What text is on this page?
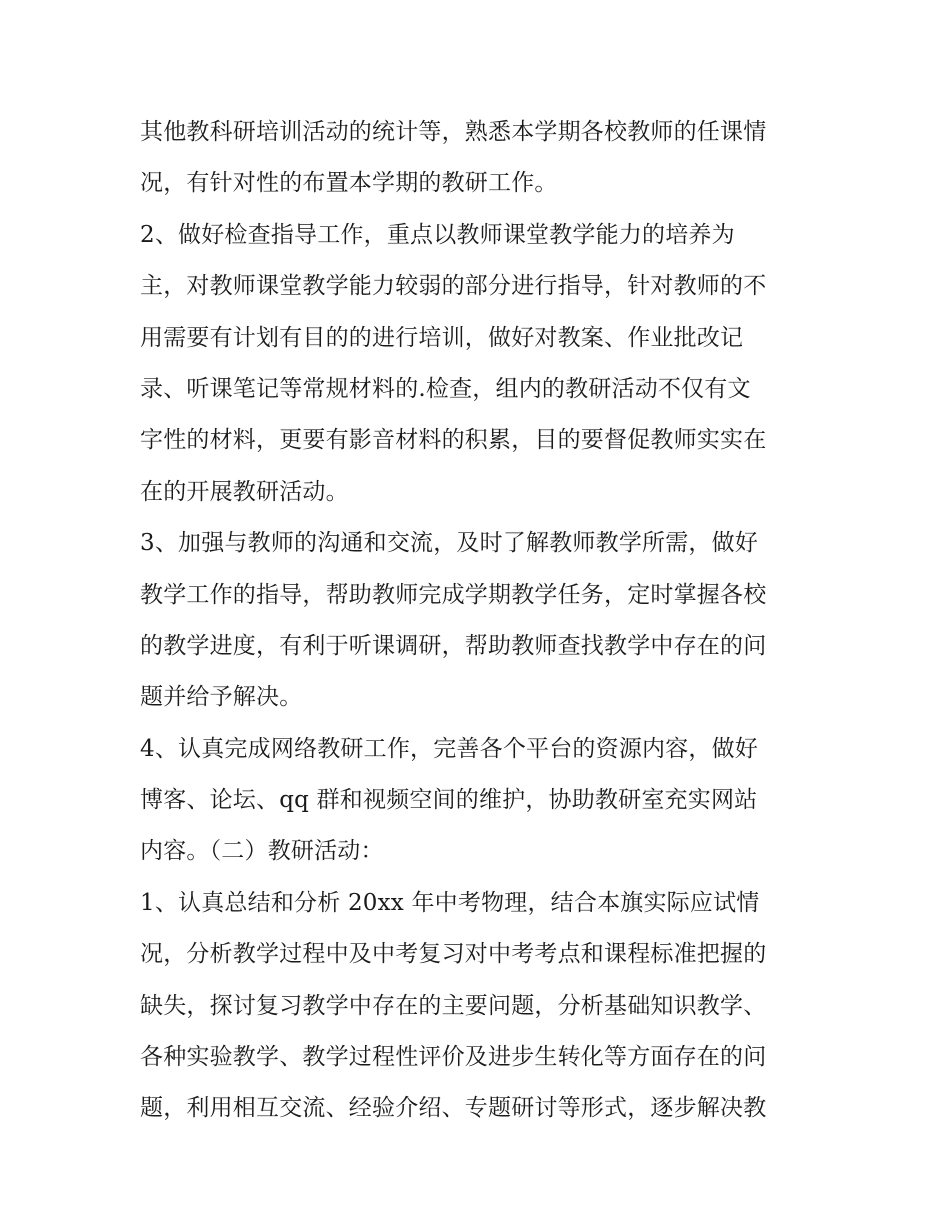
其他教科研培训活动的统计等，熟悉本学期各校教师的任课情
况，有针对性的布置本学期的教研工作。
2、做好检查指导工作，重点以教师课堂教学能力的培养为
主，对教师课堂教学能力较弱的部分进行指导，针对教师的不
用需要有计划有目的的进行培训，做好对教案、作业批改记
录、听课笔记等常规材料的.检查，组内的教研活动不仅有文
字性的材料，更要有影音材料的积累，目的要督促教师实实在
在的开展教研活动。
3、加强与教师的沟通和交流，及时了解教师教学所需，做好
教学工作的指导，帮助教师完成学期教学任务，定时掌握各校
的教学进度，有利于听课调研，帮助教师查找教学中存在的问
题并给予解决。
4、认真完成网络教研工作，完善各个平台的资源内容，做好
博客、论坛、qq 群和视频空间的维护，协助教研室充实网站
内容。（二）教研活动：
1、认真总结和分析 20xx 年中考物理，结合本旗实际应试情
况，分析教学过程中及中考复习对中考考点和课程标准把握的
缺失，探讨复习教学中存在的主要问题，分析基础知识教学、
各种实验教学、教学过程性评价及进步生转化等方面存在的问
题，利用相互交流、经验介绍、专题研讨等形式，逐步解决教
